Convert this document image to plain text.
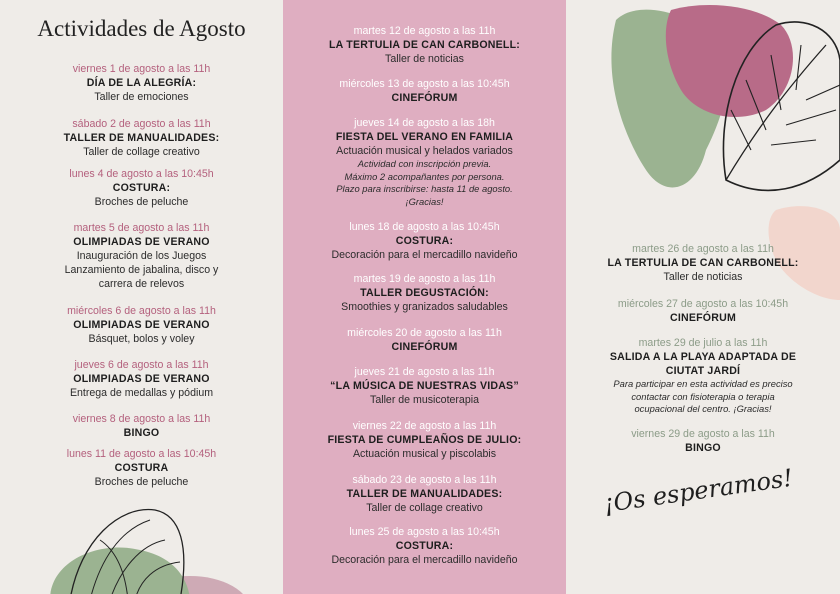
Actividades de Agosto
viernes 1 de agosto a las 11h
DÍA DE LA ALEGRÍA:
Taller de emociones
sábado 2 de agosto a las 11h
TALLER DE MANUALIDADES:
Taller de collage creativo
lunes 4 de agosto a las 10:45h
COSTURA:
Broches de peluche
martes 5 de agosto a las 11h
OLIMPIADAS DE VERANO
Inauguración de los Juegos
Lanzamiento de jabalina, disco y
carrera de relevos
miércoles 6 de agosto a las 11h
OLIMPIADAS DE VERANO
Básquet, bolos y voley
jueves 6 de agosto a las 11h
OLIMPIADAS DE VERANO
Entrega de medallas y pódium
viernes 8 de agosto a las 11h
BINGO
lunes 11 de agosto a las 10:45h
COSTURA
Broches de peluche
martes 12 de agosto a las 11h
LA TERTULIA DE CAN CARBONELL:
Taller de noticias
miércoles 13 de agosto a las 10:45h
CINEFÓRUM
jueves 14 de agosto a las 18h
FIESTA DEL VERANO EN FAMILIA
Actuación musical y helados variados
Actividad con inscripción previa.
Máximo 2 acompañantes por persona.
Plazo para inscribirse: hasta 11 de agosto.
¡Gracias!
lunes 18 de agosto a las 10:45h
COSTURA:
Decoración para el mercadillo navideño
martes 19 de agosto a las 11h
TALLER DEGUSTACIÓN:
Smoothies y granizados saludables
miércoles 20 de agosto a las 11h
CINEFÓRUM
jueves 21 de agosto a las 11h
“LA MÚSICA DE NUESTRAS VIDAS”
Taller de musicoterapia
viernes 22 de agosto a las 11h
FIESTA DE CUMPLEAÑOS DE JULIO:
Actuación musical y piscolabis
sábado 23 de agosto a las 11h
TALLER DE MANUALIDADES:
Taller de collage creativo
lunes 25 de agosto a las 10:45h
COSTURA:
Decoración para el mercadillo navideño
martes 26 de agosto a las 11h
LA TERTULIA DE CAN CARBONELL:
Taller de noticias
miércoles 27 de agosto a las 10:45h
CINEFÓRUM
martes 29 de julio a las 11h
SALIDA A LA PLAYA ADAPTADA DE CIUTAT JARDÍ
Para participar en esta actividad es preciso
contactar con fisioterapia o terapia
ocupacional del centro. ¡Gracias!
viernes 29 de agosto a las 11h
BINGO
¡Os esperamos!
